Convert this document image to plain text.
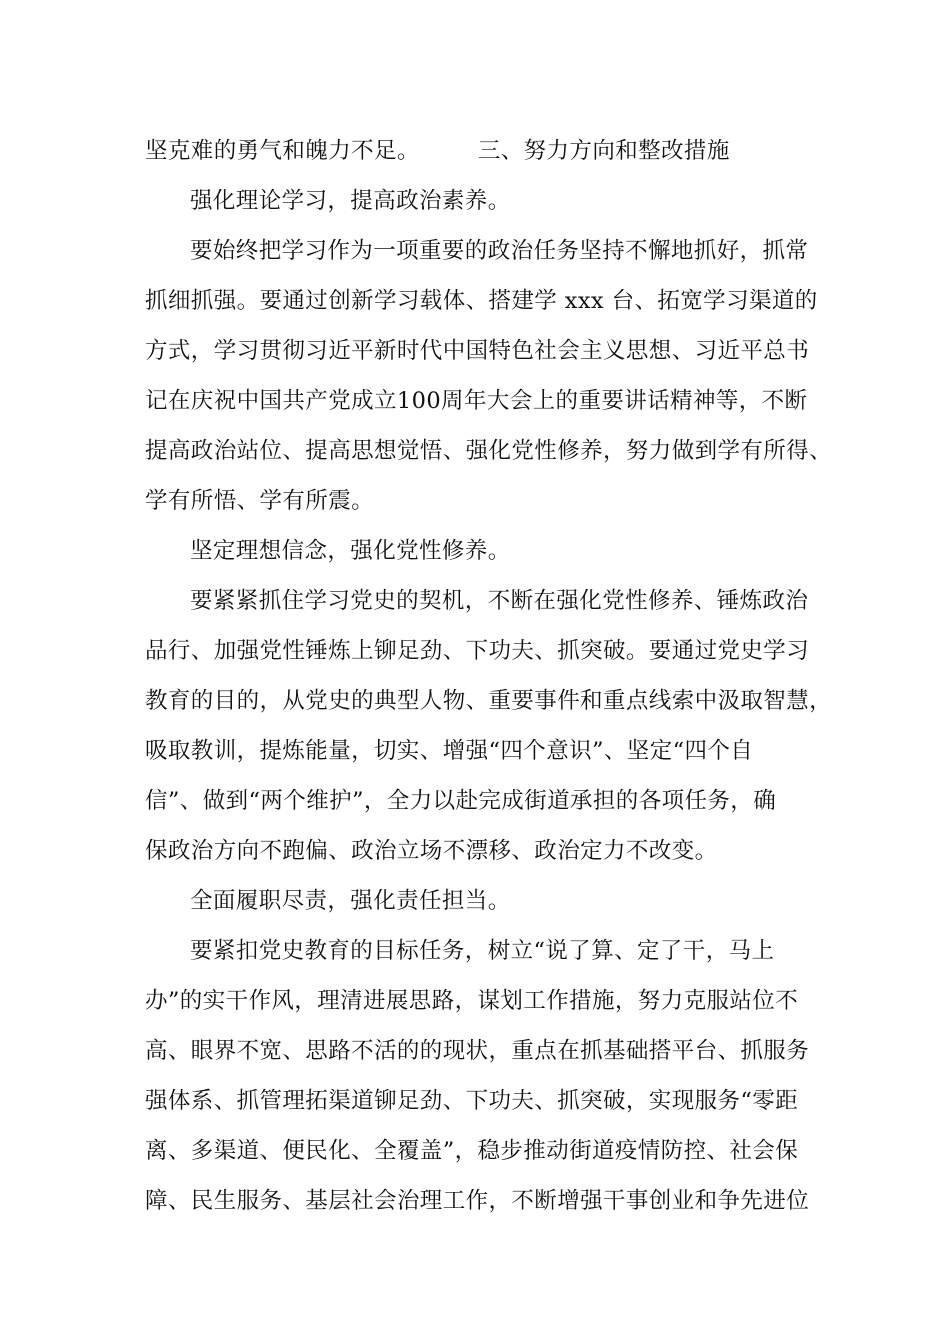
坚克难的勇气和魄力不足。	三、努力方向和整改措施
强化理论学习，提高政治素养。
要始终把学习作为一项重要的政治任务坚持不懈地抓好，抓常
抓细抓强。要通过创新学习载体、搭建学 xxx 台、拓宽学习渠道的
方式，学习贯彻习近平新时代中国特色社会主义思想、习近平总书
记在庆祝中国共产党成立100周年大会上的重要讲话精神等，不断
提高政治站位、提高思想觉悟、强化党性修养，努力做到学有所得、
学有所悟、学有所震。
坚定理想信念，强化党性修养。
要紧紧抓住学习党史的契机，不断在强化党性修养、锤炼政治
品行、加强党性锤炼上铆足劲、下功夫、抓突破。要通过党史学习
教育的目的，从党史的典型人物、重要事件和重点线索中汲取智慧，
吸取教训，提炼能量，切实、增强“四个意识”、坚定“四个自
信”、做到“两个维护”，全力以赴完成街道承担的各项任务，确
保政治方向不跑偏、政治立场不漂移、政治定力不改变。
全面履职尽责，强化责任担当。
要紧扣党史教育的目标任务，树立“说了算、定了干，马上
办”的实干作风，理清进展思路，谋划工作措施，努力克服站位不
高、眼界不宽、思路不活的的现状，重点在抓基础搭平台、抓服务
强体系、抓管理拓渠道铆足劲、下功夫、抓突破，实现服务“零距
离、多渠道、便民化、全覆盖”，稳步推动街道疫情防控、社会保
障、民生服务、基层社会治理工作，不断增强干事创业和争先进位
